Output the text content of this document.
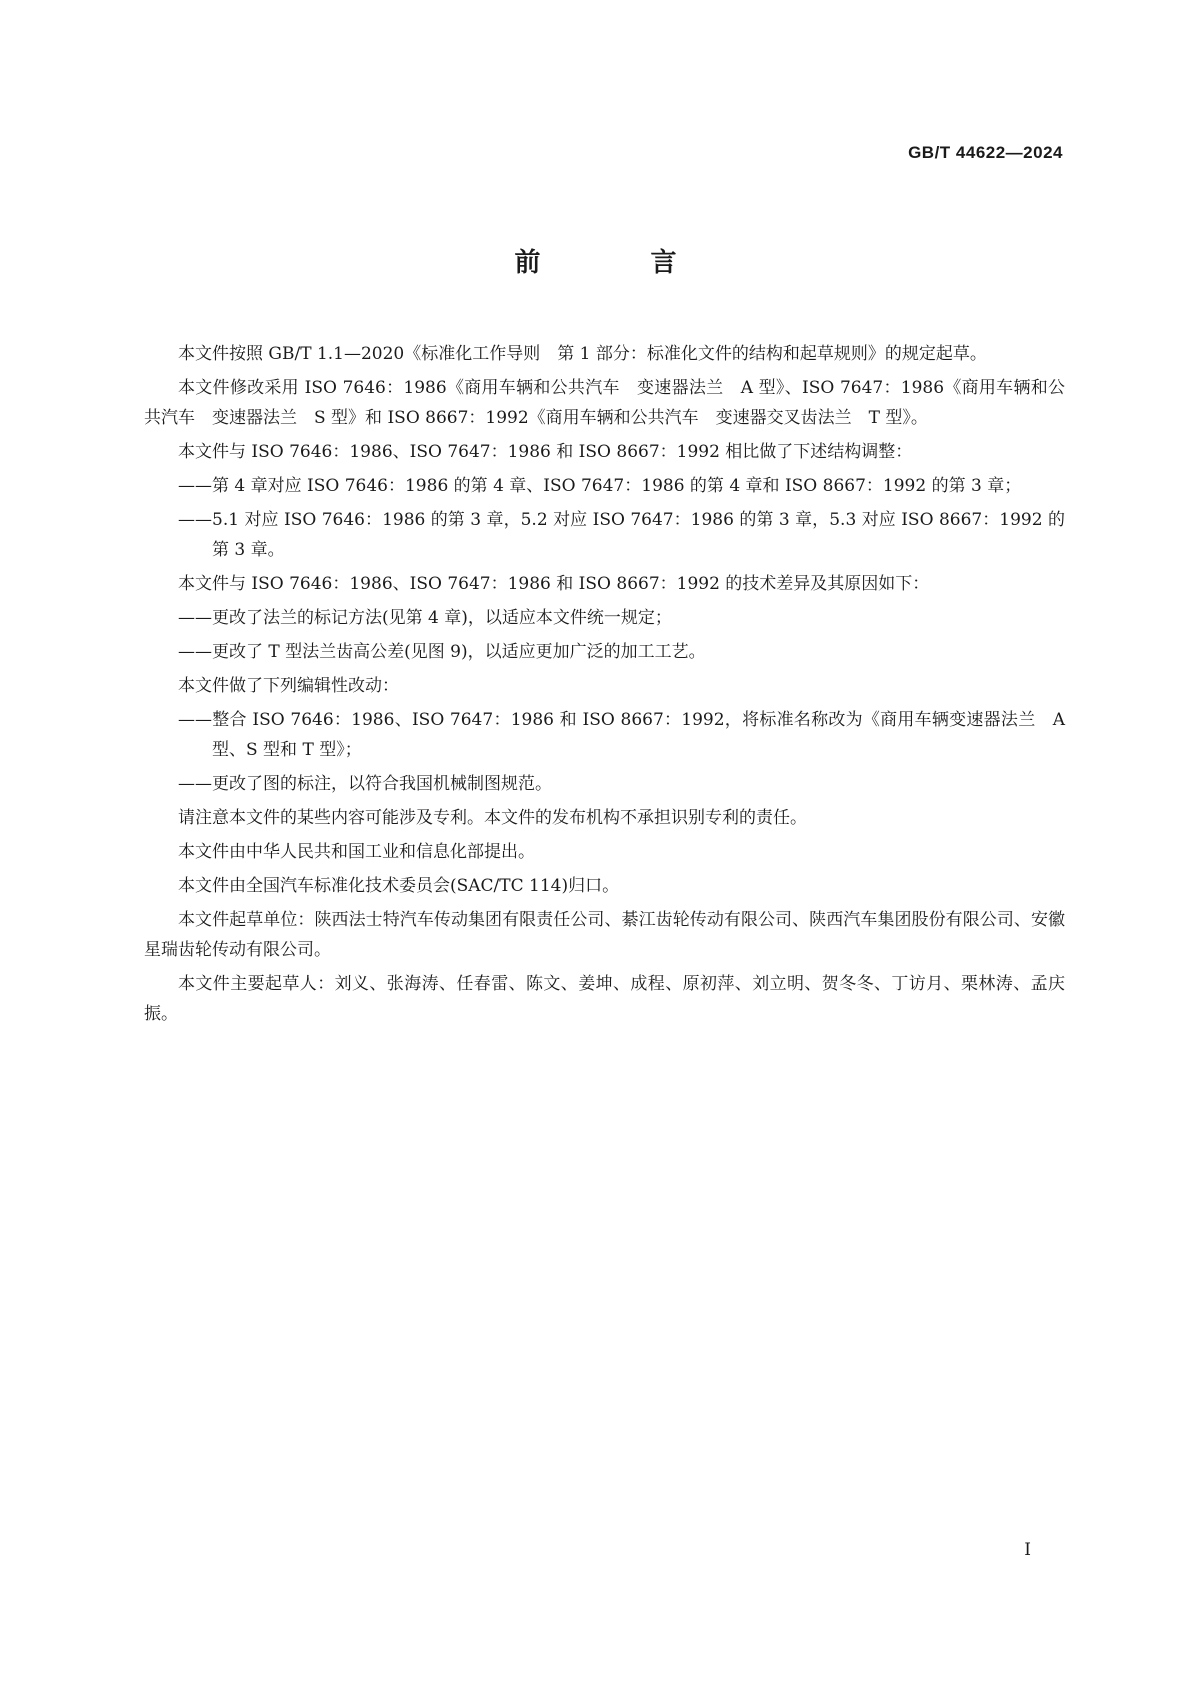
GB/T 44622—2024
前　言

本文件按照 GB/T 1.1—2020《标准化工作导则　第 1 部分：标准化文件的结构和起草规则》的规定起草。

本文件修改采用 ISO 7646：1986《商用车辆和公共汽车　变速器法兰　A 型》、ISO 7647：1986《商用车辆和公共汽车　变速器法兰　S 型》和 ISO 8667：1992《商用车辆和公共汽车　变速器交叉齿法兰　T 型》。

本文件与 ISO 7646：1986、ISO 7647：1986 和 ISO 8667：1992 相比做了下述结构调整：

——第 4 章对应 ISO 7646：1986 的第 4 章、ISO 7647：1986 的第 4 章和 ISO 8667：1992 的第 3 章；

——5.1 对应 ISO 7646：1986 的第 3 章，5.2 对应 ISO 7647：1986 的第 3 章，5.3 对应 ISO 8667：1992 的第 3 章。

本文件与 ISO 7646：1986、ISO 7647：1986 和 ISO 8667：1992 的技术差异及其原因如下：

——更改了法兰的标记方法(见第 4 章)，以适应本文件统一规定；

——更改了 T 型法兰齿高公差(见图 9)，以适应更加广泛的加工工艺。

本文件做了下列编辑性改动：

——整合 ISO 7646：1986、ISO 7647：1986 和 ISO 8667：1992，将标准名称改为《商用车辆变速器法兰　A 型、S 型和 T 型》；

——更改了图的标注，以符合我国机械制图规范。

请注意本文件的某些内容可能涉及专利。本文件的发布机构不承担识别专利的责任。

本文件由中华人民共和国工业和信息化部提出。

本文件由全国汽车标准化技术委员会(SAC/TC 114)归口。

本文件起草单位：陕西法士特汽车传动集团有限责任公司、綦江齿轮传动有限公司、陕西汽车集团股份有限公司、安徽星瑞齿轮传动有限公司。

本文件主要起草人：刘义、张海涛、任春雷、陈文、姜坤、成程、原初萍、刘立明、贺冬冬、丁访月、栗林涛、孟庆振。

I
